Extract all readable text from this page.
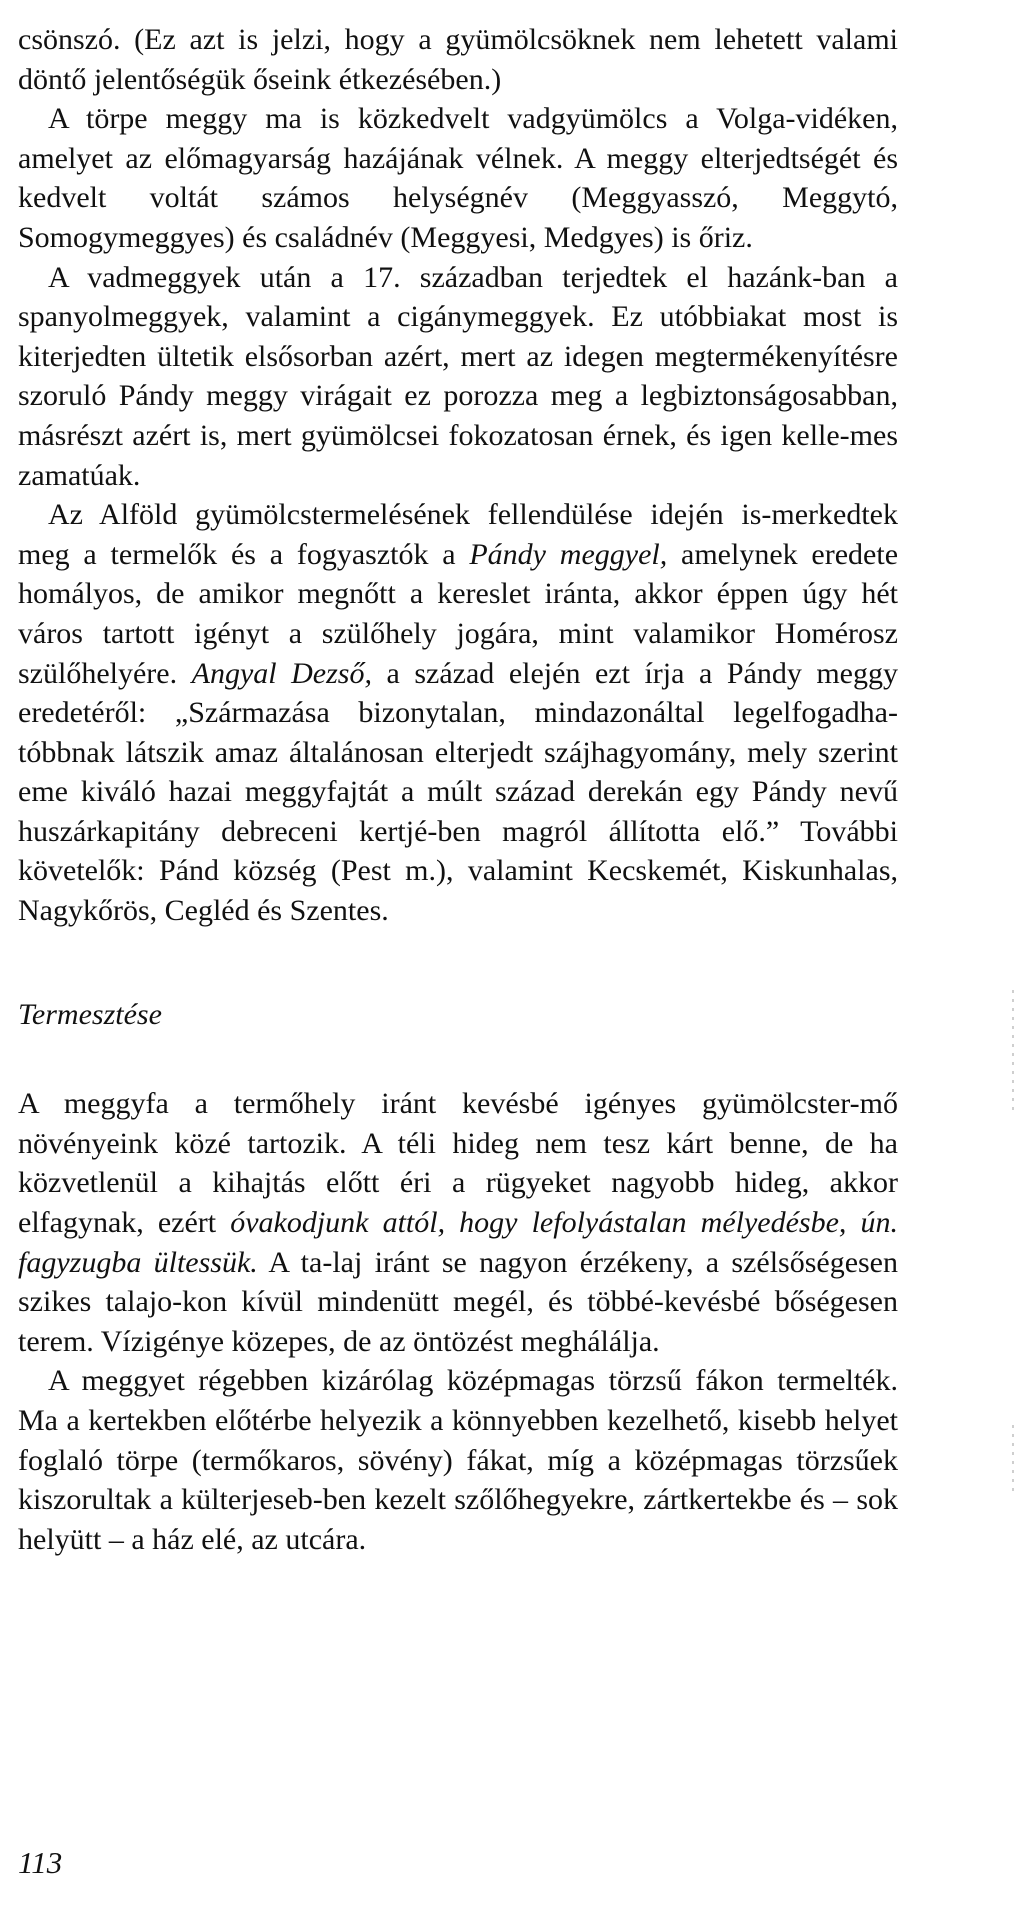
csönszó. (Ez azt is jelzi, hogy a gyümölcsöknek nem lehetett valami döntő jelentőségük őseink étkezésében.)

A törpe meggy ma is közkedvelt vadgyümölcs a Volga-vidéken, amelyet az előmagyarság hazájának vélnek. A meggy elterjedtségét és kedvelt voltát számos helységnév (Meggyasszó, Meggytó, Somogymeggyes) és családnév (Meggyesi, Medgyes) is őriz.

A vadmeggyek után a 17. században terjedtek el hazánk-ban a spanyolmeggyek, valamint a cigánymeggyek. Ez utóbbiakat most is kiterjedten ültetik elsősorban azért, mert az idegen megtermékenyítésre szoruló Pándy meggy virágait ez porozza meg a legbiztonságosabban, másrészt azért is, mert gyümölcsei fokozatosan érnek, és igen kelle-mes zamatúak.

Az Alföld gyümölcstermelésének fellendülése idején is-merkedtek meg a termelők és a fogyasztók a Pándy meggyel, amelynek eredete homályos, de amikor megnőtt a kereslet iránta, akkor éppen úgy hét város tartott igényt a szülőhely jogára, mint valamikor Homérosz szülőhelyére. Angyal Dezső, a század elején ezt írja a Pándy meggy eredetéről: „Származása bizonytalan, mindazonáltal legelfogadha-tóbbnak látszik amaz általánosan elterjedt szájhagyomány, mely szerint eme kiváló hazai meggyfajtát a múlt század derekán egy Pándy nevű huszárkapitány debreceni kertjé-ben magról állította elő.” További követelők: Pánd község (Pest m.), valamint Kecskemét, Kiskunhalas, Nagykőrös, Cegléd és Szentes.

Termesztése

A meggyfa a termőhely iránt kevésbé igényes gyümölcster-mő növényeink közé tartozik. A téli hideg nem tesz kárt benne, de ha közvetlenül a kihajtás előtt éri a rügyeket nagyobb hideg, akkor elfagynak, ezért óvakodjunk attól, hogy lefolyástalan mélyedésbe, ún. fagyzugba ültessük. A ta-laj iránt se nagyon érzékeny, a szélsőségesen szikes talajo-kon kívül mindenütt megél, és többé-kevésbé bőségesen terem. Vízigénye közepes, de az öntözést meghálálja.

A meggyet régebben kizárólag középmagas törzsű fákon termelték. Ma a kertekben előtérbe helyezik a könnyebben kezelhető, kisebb helyet foglaló törpe (termőkaros, sövény) fákat, míg a középmagas törzsűek kiszorultak a külterjeseb-ben kezelt szőlőhegyekre, zártkertekbe és – sok helyütt – a ház elé, az utcára.

113
